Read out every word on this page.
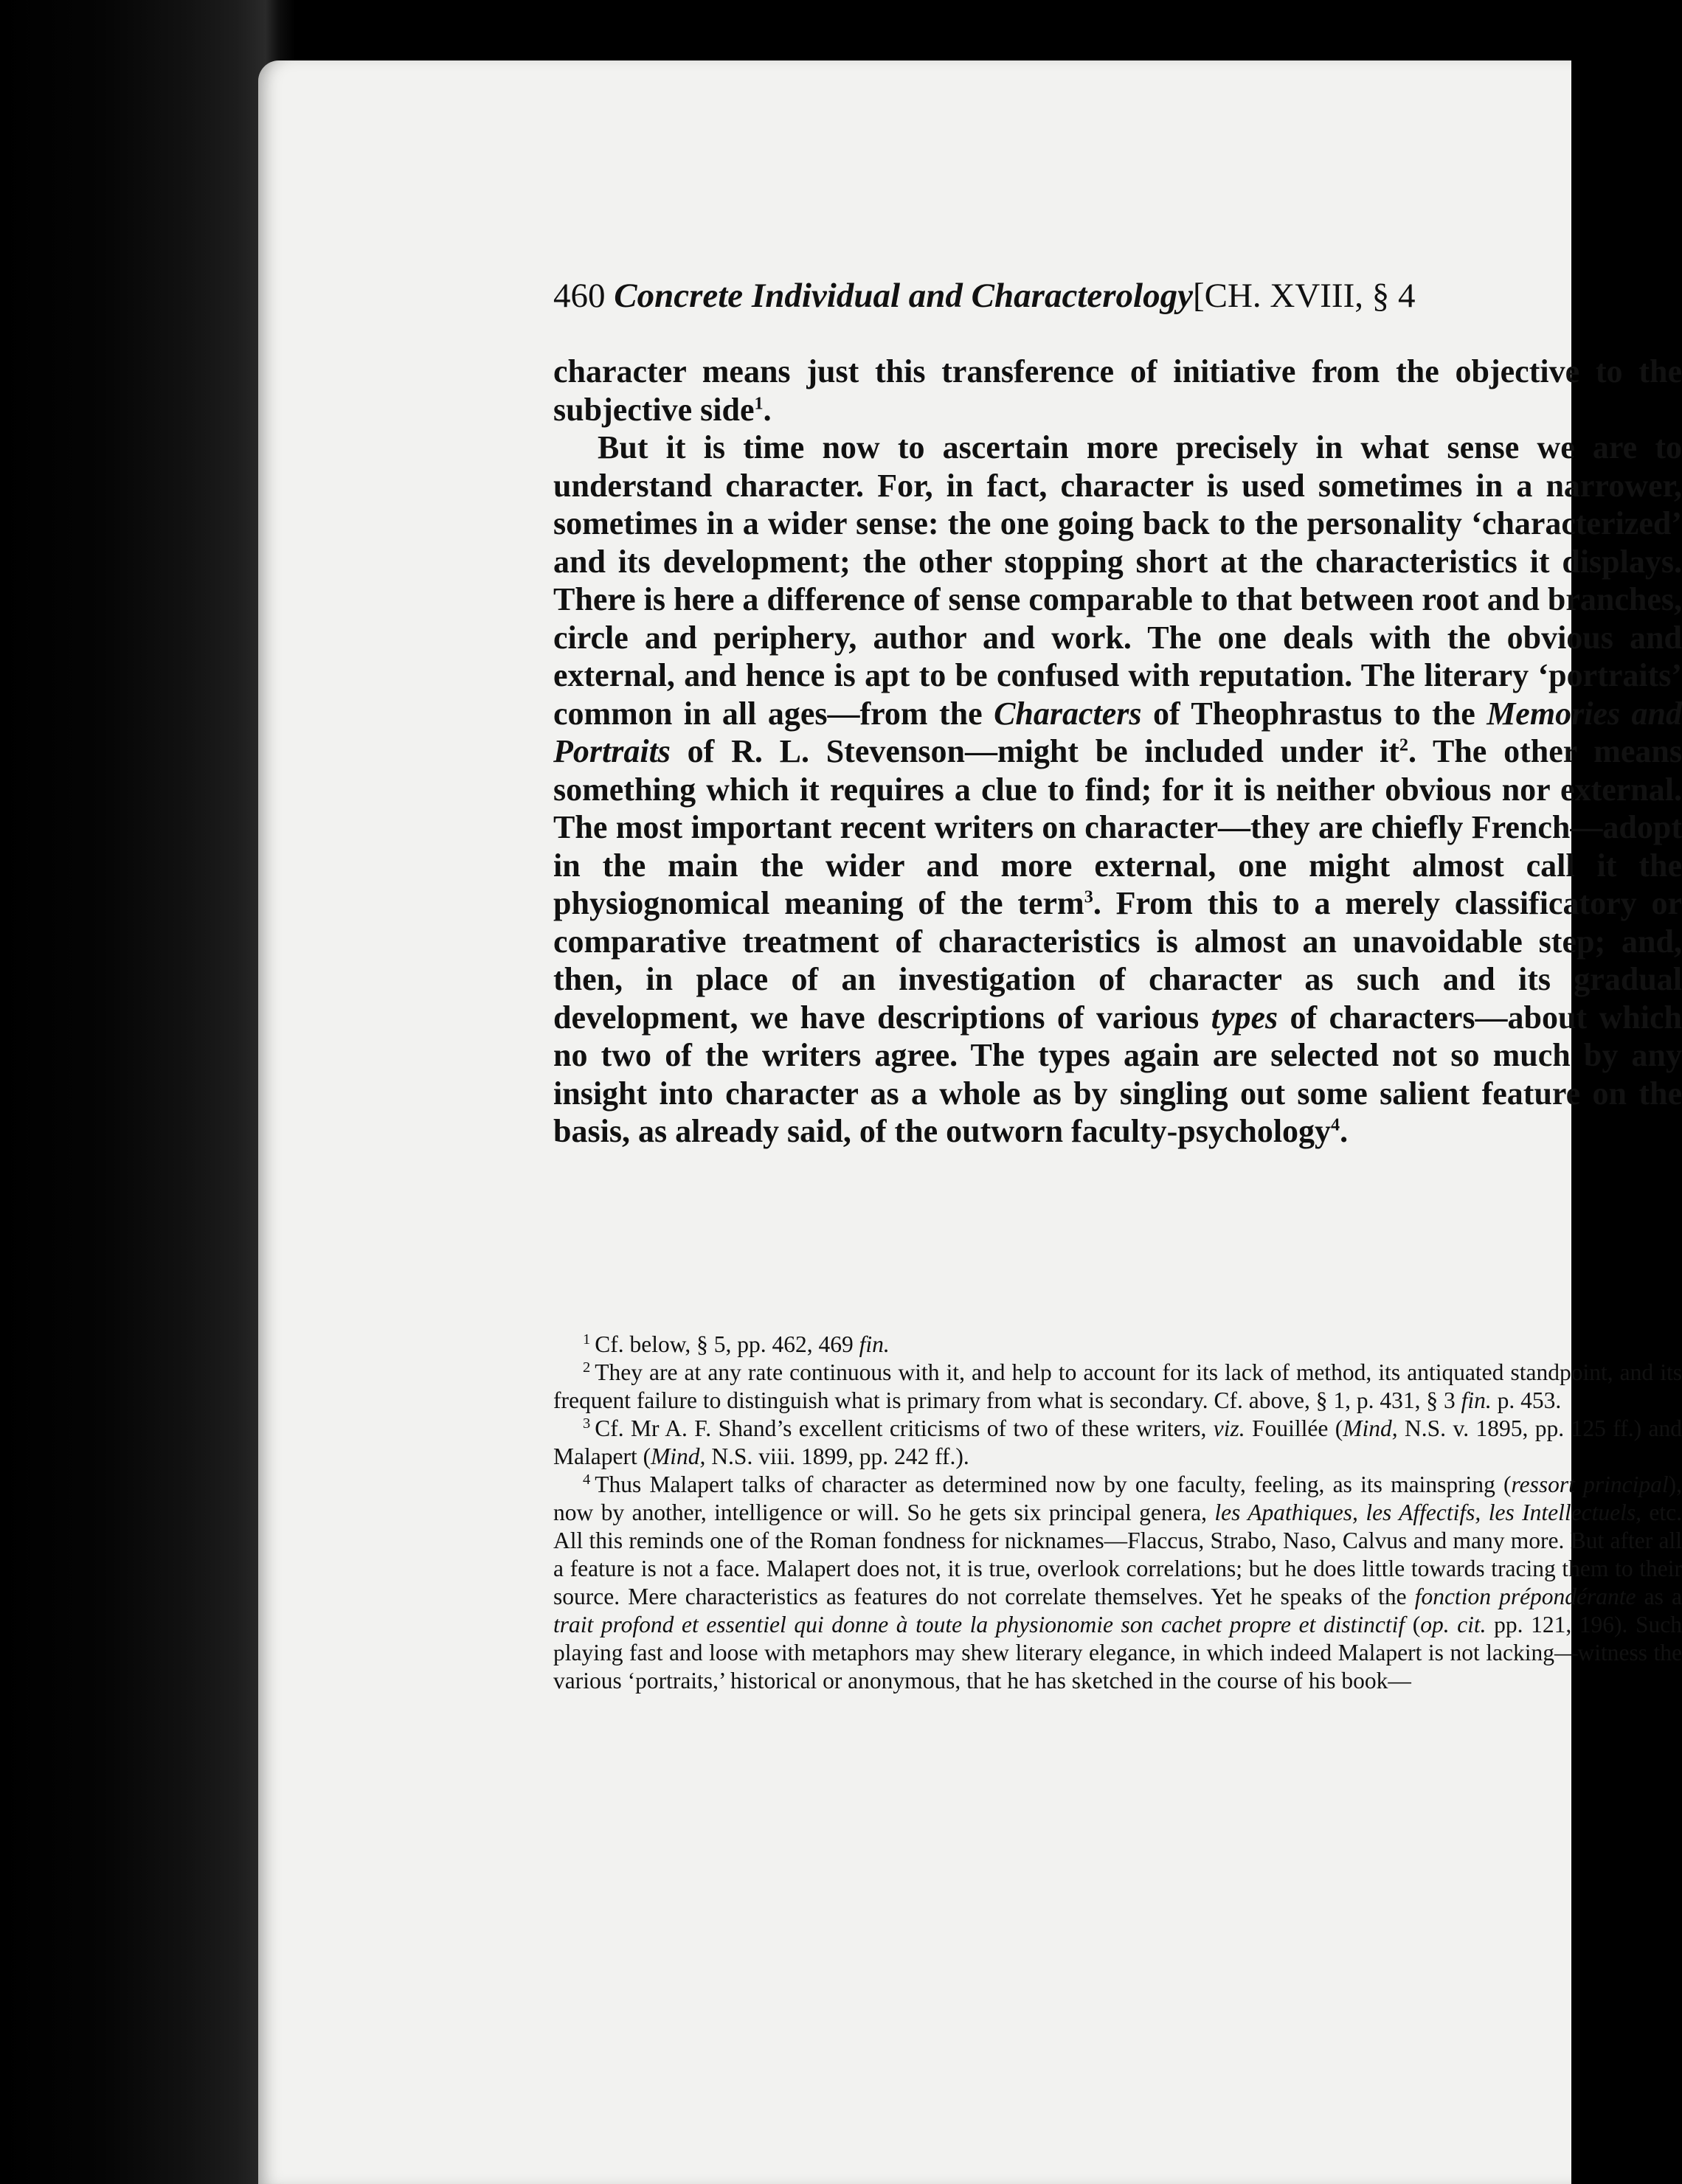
460 Concrete Individual and Characterology[CH. XVIII, § 4

character means just this transference of initiative from the objective to the subjective side$^1$.

But it is time now to ascertain more precisely in what sense we are to understand character. For, in fact, character is used sometimes in a narrower, sometimes in a wider sense: the one going back to the personality ‘characterized’ and its development; the other stopping short at the characteristics it displays. There is here a difference of sense comparable to that between root and branches, circle and periphery, author and work. The one deals with the obvious and external, and hence is apt to be confused with reputation. The literary ‘portraits’ common in all ages—from the Characters of Theophrastus to the Memories and Portraits of R. L. Stevenson—might be included under $it^2$. The other means something which it requires a clue to find; for it is neither obvious nor external. The most important recent writers on character—they are chiefly French—adopt in the main the wider and more external, one might almost call it the physiognomical meaning of the term$^3$. From this to a merely classificatory or comparative treatment of characteristics is almost an unavoidable step; and, then, in place of an investigation of character as such and its gradual development, we have descriptions of various types of characters—about which no two of the writers agree. The types again are selected not so much by any insight into character as a whole as by singling out some salient feature on the basis, as already said, of the outworn faculty-psychology$^4$.

$^1$ Cf. below, § 5, pp. 462, 469 fin.

$^2$ They are at any rate continuous with it, and help to account for its lack of method, its antiquated standpoint, and its frequent failure to distinguish what is primary from what is secondary. Cf. above, § 1, p. 431, § 3 fin. p. 453.

$^3$ Cf. Mr A. F. Shand’s excellent criticisms of two of these writers, viz. Fouillée (Mind, N.S. v. 1895, pp. 125 ff.) and Malapert (Mind, N.S. viii. 1899, pp. 242 ff.).

$^4$ Thus Malapert talks of character as determined now by one faculty, feeling, as its mainspring (ressort principal), now by another, intelligence or will. So he gets six principal genera, les Apathiques, les Affectifs, les Intellectuels, etc. All this reminds one of the Roman fondness for nicknames—Flaccus, Strabo, Naso, Calvus and many more. But after all a feature is not a face. Malapert does not, it is true, overlook correlations; but he does little towards tracing them to their source. Mere characteristics as features do not correlate themselves. Yet he speaks of the fonction prépondérante as a trait profond et essentiel qui donne à toute la physionomie son cachet propre et distinctif (op. cit. pp. 121, 196). Such playing fast and loose with metaphors may shew literary elegance, in which indeed Malapert is not lacking—witness the various ‘portraits,’ historical or anonymous, that he has sketched in the course of his book—
